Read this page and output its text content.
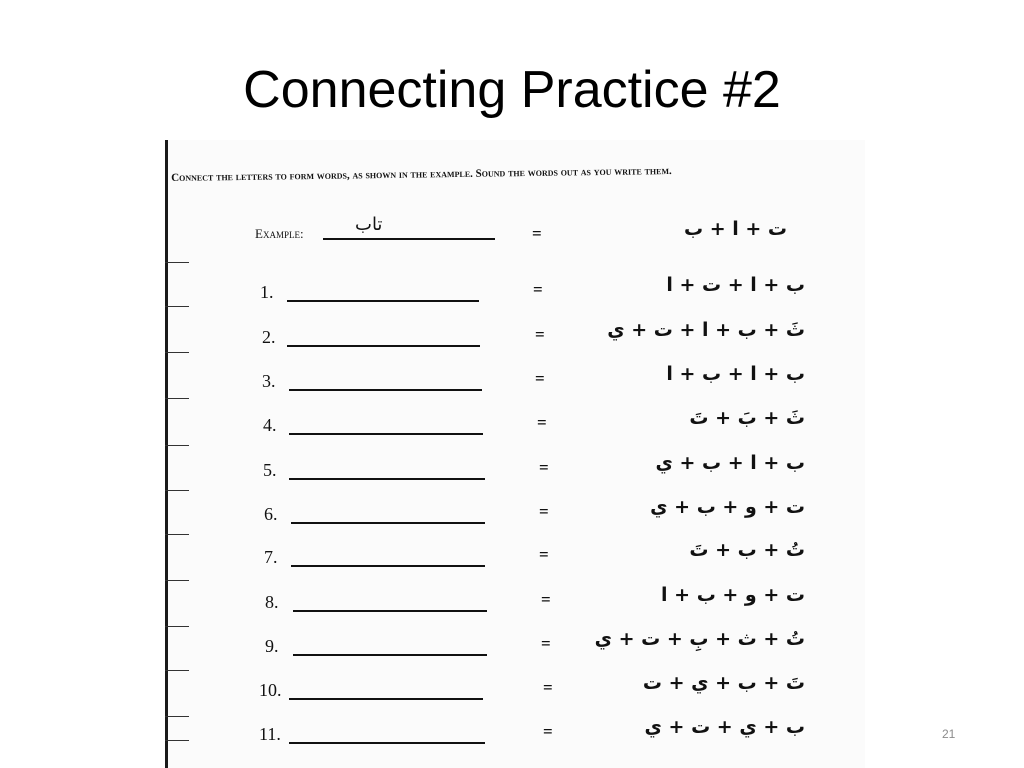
Connecting Practice #2
Connect the letters to form words, as shown in the example. Sound the words out as you write them.
Example:	تاب	=	ت + ا + ب
1.	=	ب + ا + ت + ا
2.	=	ثَ + ب + ا + ت + ي
3.	=	ب + ا + ب + ا
4.	=	ثَ + بَ + تَ
5.	=	ب + ا + ب + ي
6.	=	ت + و + ب + ي
7.	=	تُ + ب + تَ
8.	=	ت + و + ب + ا
9.	= تُ + ث + بِ + ت + ي
10.	=	تَ + ب + ي + ت
11.	=	ب + ي + ت + ي	21
